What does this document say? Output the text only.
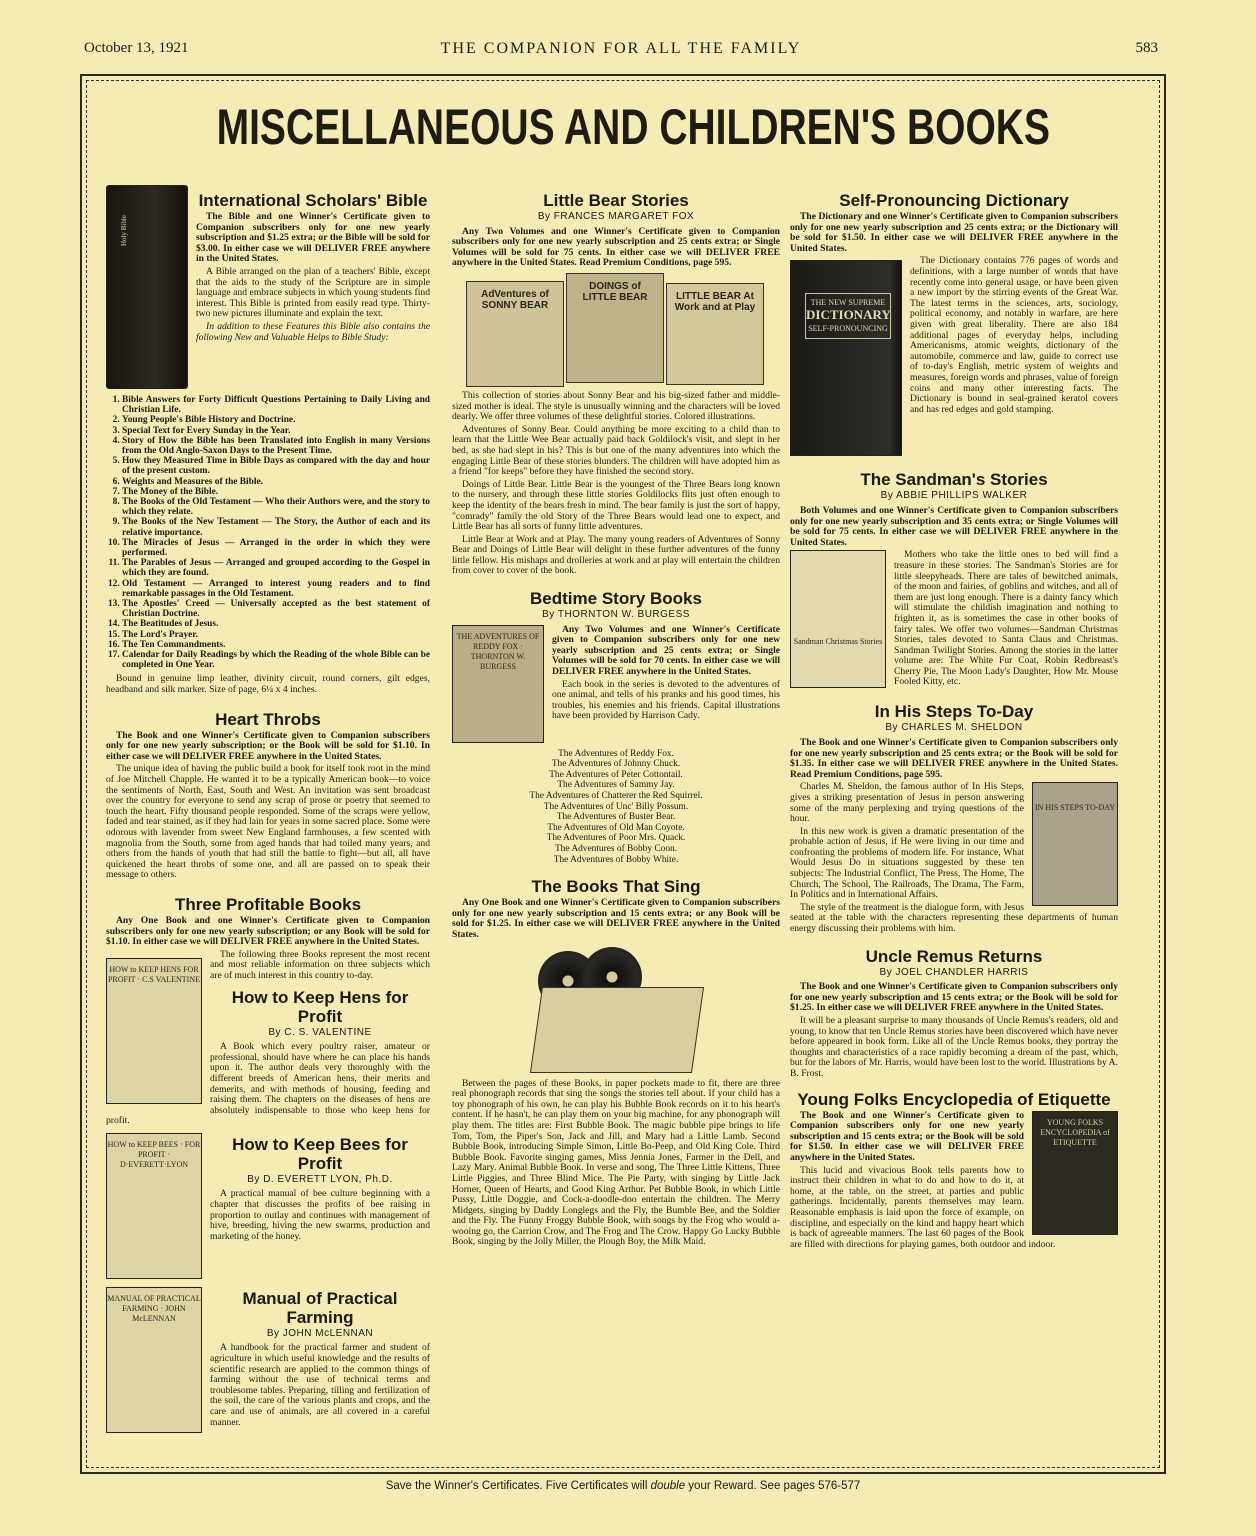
October 13, 1921	THE COMPANION FOR ALL THE FAMILY	583
MISCELLANEOUS AND CHILDREN'S BOOKS
Holy Bible
International Scholars' Bible

The Bible and one Winner's Certificate given to Companion subscribers only for one new yearly subscription and $1.25 extra; or the Bible will be sold for $3.00. In either case we will DELIVER FREE anywhere in the United States.

A Bible arranged on the plan of a teachers' Bible, except that the aids to the study of the Scripture are in simple language and embrace subjects in which young students find interest. This Bible is printed from easily read type. Thirty-two new pictures illuminate and explain the text.

In addition to these Features this Bible also contains the following New and Valuable Helps to Bible Study:

1. Bible Answers for Forty Difficult Questions Pertaining to Daily Living and Christian Life.
2. Young People's Bible History and Doctrine.
3. Special Text for Every Sunday in the Year.
4. Story of How the Bible has been Translated into English in many Versions from the Old Anglo-Saxon Days to the Present Time.
5. How they Measured Time in Bible Days as compared with the day and hour of the present custom.
6. Weights and Measures of the Bible.
7. The Money of the Bible.
8. The Books of the Old Testament — Who their Authors were, and the story to which they relate.
9. The Books of the New Testament — The Story, the Author of each and its relative importance.
10. The Miracles of Jesus — Arranged in the order in which they were performed.
11. The Parables of Jesus — Arranged and grouped according to the Gospel in which they are found.
12. Old Testament — Arranged to interest young readers and to find remarkable passages in the Old Testament.
13. The Apostles' Creed — Universally accepted as the best statement of Christian Doctrine.
14. The Beatitudes of Jesus.
15. The Lord's Prayer.
16. The Ten Commandments.
17. Calendar for Daily Readings by which the Reading of the whole Bible can be completed in One Year.

Bound in genuine limp leather, divinity circuit, round corners, gilt edges, headband and silk marker. Size of page, 6¼ x 4 inches.

Heart Throbs

The Book and one Winner's Certificate given to Companion subscribers only for one new yearly subscription; or the Book will be sold for $1.10. In either case we will DELIVER FREE anywhere in the United States.

The unique idea of having the public build a book for itself took root in the mind of Joe Mitchell Chapple. He wanted it to be a typically American book—to voice the sentiments of North, East, South and West. An invitation was sent broadcast over the country for everyone to send any scrap of prose or poetry that seemed to touch the heart. Fifty thousand people responded. Some of the scraps were yellow, faded and tear stained, as if they had lain for years in some sacred place. Some were odorous with lavender from sweet New England farmhouses, a few scented with magnolia from the South, some from aged hands that had toiled many years, and others from the hands of youth that had still the battle to fight—but all, all have quickened the heart throbs of some one, and all are passed on to speak their message to others.

Three Profitable Books

Any One Book and one Winner's Certificate given to Companion subscribers only for one new yearly subscription; or any Book will be sold for $1.10. In either case we will DELIVER FREE anywhere in the United States.

HOW to KEEP HENS FOR PROFIT · C.S VALENTINE

The following three Books represent the most recent and most reliable information on three subjects which are of much interest in this country to-day.

How to Keep Hens for Profit
By C. S. VALENTINE

A Book which every poultry raiser, amateur or professional, should have where he can place his hands upon it. The author deals very thoroughly with the different breeds of American hens, their merits and demerits, and with methods of housing, feeding and raising them. The chapters on the diseases of hens are absolutely indispensable to those who keep hens for profit.

HOW to KEEP BEES · FOR PROFIT · D·EVERETT·LYON
How to Keep Bees for Profit
By D. EVERETT LYON, Ph.D.

A practical manual of bee culture beginning with a chapter that discusses the profits of bee raising in proportion to outlay and continues with management of hive, breeding, hiving the new swarms, production and marketing of the honey.

MANUAL OF PRACTICAL FARMING · JOHN McLENNAN
Manual of Practical Farming
By JOHN McLENNAN

A handbook for the practical farmer and student of agriculture in which useful knowledge and the results of scientific research are applied to the common things of farming without the use of technical terms and troublesome tables. Preparing, tilling and fertilization of the soil, the care of the various plants and crops, and the care and use of animals, are all covered in a careful manner.

Little Bear Stories
By FRANCES MARGARET FOX

Any Two Volumes and one Winner's Certificate given to Companion subscribers only for one new yearly subscription and 25 cents extra; or Single Volumes will be sold for 75 cents. In either case we will DELIVER FREE anywhere in the United States. Read Premium Conditions, page 595.

AdVentures of SONNY BEAR
DOINGS of LITTLE BEAR	LITTLE BEAR At Work and at Play

This collection of stories about Sonny Bear and his big-sized father and middle-sized mother is ideal. The style is unusually winning and the characters will be loved dearly. We offer three volumes of these delightful stories. Colored illustrations.

Adventures of Sonny Bear. Could anything be more exciting to a child than to learn that the Little Wee Bear actually paid back Goldilock's visit, and slept in her bed, as she had slept in his? This is but one of the many adventures into which the engaging Little Bear of these stories blunders. The children will have adopted him as a friend "for keeps" before they have finished the second story.

Doings of Little Bear. Little Bear is the youngest of the Three Bears long known to the nursery, and through these little stories Goldilocks flits just often enough to keep the identity of the bears fresh in mind. The bear family is just the sort of happy, "comrady" family the old Story of the Three Bears would lead one to expect, and Little Bear has all sorts of funny little adventures.

Little Bear at Work and at Play. The many young readers of Adventures of Sonny Bear and Doings of Little Bear will delight in these further adventures of the funny little fellow. His mishaps and drolleries at work and at play will entertain the children from cover to cover of the book.

Bedtime Story Books
By THORNTON W. BURGESS
THE ADVENTURES OF REDDY FOX · THORNTON W. BURGESS

Any Two Volumes and one Winner's Certificate given to Companion subscribers only for one new yearly subscription and 25 cents extra; or Single Volumes will be sold for 70 cents. In either case we will DELIVER FREE anywhere in the United States.

Each book in the series is devoted to the adventures of one animal, and tells of his pranks and his good times, his troubles, his enemies and his friends. Capital illustrations have been provided by Harrison Cady.

The Adventures of Reddy Fox.
The Adventures of Johnny Chuck.
The Adventures of Peter Cottontail.
The Adventures of Sammy Jay.
The Adventures of Chatterer the Red Squirrel.
The Adventures of Unc' Billy Possum.
The Adventures of Buster Bear.
The Adventures of Old Man Coyote.
The Adventures of Poor Mrs. Quack.
The Adventures of Bobby Coon.
The Adventures of Bobby White.
The Books That Sing

Any One Book and one Winner's Certificate given to Companion subscribers only for one new yearly subscription and 15 cents extra; or any Book will be sold for $1.25. In either case we will DELIVER FREE anywhere in the United States.

Between the pages of these Books, in paper pockets made to fit, there are three real phonograph records that sing the songs the stories tell about. If your child has a toy phonograph of his own, he can play his Bubble Book records on it to his heart's content. If he hasn't, he can play them on your big machine, for any phonograph will play them. The titles are: First Bubble Book. The magic bubble pipe brings to life Tom, Tom, the Piper's Son, Jack and Jill, and Mary had a Little Lamb. Second Bubble Book, introducing Simple Simon, Little Bo-Peep, and Old King Cole. Third Bubble Book. Favorite singing games, Miss Jennia Jones, Farmer in the Dell, and Lazy Mary. Animal Bubble Book. In verse and song, The Three Little Kittens, Three Little Piggies, and Three Blind Mice. The Pie Party, with singing by Little Jack Horner, Queen of Hearts, and Good King Arthur. Pet Bubble Book, in which Little Pussy, Little Doggie, and Cock-a-doodle-doo entertain the children. The Merry Midgets, singing by Daddy Longlegs and the Fly, the Bumble Bee, and the Soldier and the Fly. The Funny Froggy Bubble Book, with songs by the Frog who would a-wooing go, the Carrion Crow, and The Frog and The Crow. Happy Go Lucky Bubble Book, singing by the Jolly Miller, the Plough Boy, the Milk Maid.

Self-Pronouncing Dictionary

The Dictionary and one Winner's Certificate given to Companion subscribers only for one new yearly subscription and 25 cents extra; or the Dictionary will be sold for $1.50. In either case we will DELIVER FREE anywhere in the United States.

THE NEW SUPREME
DICTIONARY
SELF-PRONOUNCING

The Dictionary contains 776 pages of words and definitions, with a large number of words that have recently come into general usage, or have been given a new import by the stirring events of the Great War. The latest terms in the sciences, arts, sociology, political economy, and notably in warfare, are here given with great liberality. There are also 184 additional pages of everyday helps, including Americanisms, atomic weights, dictionary of the automobile, commerce and law, guide to correct use of to-day's English, metric system of weights and measures, foreign words and phrases, value of foreign coins and many other interesting facts. The Dictionary is bound in seal-grained keratol covers and has red edges and gold stamping.

The Sandman's Stories
By ABBIE PHILLIPS WALKER

Both Volumes and one Winner's Certificate given to Companion subscribers only for one new yearly subscription and 35 cents extra; or Single Volumes will be sold for 75 cents. In either case we will DELIVER FREE anywhere in the United States.

Sandman Christmas Stories

Mothers who take the little ones to bed will find a treasure in these stories. The Sandman's Stories are for little sleepyheads. There are tales of bewitched animals, of the moon and fairies, of goblins and witches, and all of them are just long enough. There is a dainty fancy which will stimulate the childish imagination and nothing to frighten it, as is sometimes the case in other books of fairy tales. We offer two volumes—Sandman Christmas Stories, tales devoted to Santa Claus and Christmas. Sandman Twilight Stories. Among the stories in the latter volume are: The White Fur Coat, Robin Redbreast's Cherry Pie, The Moon Lady's Daughter, How Mr. Mouse Fooled Kitty, etc.

In His Steps To-Day
By CHARLES M. SHELDON

The Book and one Winner's Certificate given to Companion subscribers only for one new yearly subscription and 25 cents extra; or the Book will be sold for $1.35. In either case we will DELIVER FREE anywhere in the United States. Read Premium Conditions, page 595.

IN HIS STEPS TO-DAY

Charles M. Sheldon, the famous author of In His Steps, gives a striking presentation of Jesus in person answering some of the many perplexing and trying questions of the hour.

In this new work is given a dramatic presentation of the probable action of Jesus, if He were living in our time and confronting the problems of modern life. For instance, What Would Jesus Do in situations suggested by these ten subjects: The Industrial Conflict, The Press, The Home, The Church, The School, The Railroads, The Drama, The Farm, In Politics and in International Affairs.

The style of the treatment is the dialogue form, with Jesus seated at the table with the characters representing these departments of human energy discussing their problems with him.

Uncle Remus Returns
By JOEL CHANDLER HARRIS

The Book and one Winner's Certificate given to Companion subscribers only for one new yearly subscription and 15 cents extra; or the Book will be sold for $1.25. In either case we will DELIVER FREE anywhere in the United States.

It will be a pleasant surprise to many thousands of Uncle Remus's readers, old and young, to know that ten Uncle Remus stories have been discovered which have never before appeared in book form. Like all of the Uncle Remus books, they portray the thoughts and characteristics of a race rapidly becoming a dream of the past, which, but for the labors of Mr. Harris, would have been lost to the world. Illustrations by A. B. Frost.

Young Folks Encyclopedia of Etiquette
YOUNG FOLKS ENCYCLOPEDIA of ETIQUETTE

The Book and one Winner's Certificate given to Companion subscribers only for one new yearly subscription and 15 cents extra; or the Book will be sold for $1.50. In either case we will DELIVER FREE anywhere in the United States.

This lucid and vivacious Book tells parents how to instruct their children in what to do and how to do it, at home, at the table, on the street, at parties and public gatherings. Incidentally, parents themselves may learn. Reasonable emphasis is laid upon the force of example, on discipline, and especially on the kind and happy heart which is back of agreeable manners. The last 60 pages of the Book are filled with directions for playing games, both outdoor and indoor.

Save the Winner's Certificates. Five Certificates will double your Reward. See pages 576-577
